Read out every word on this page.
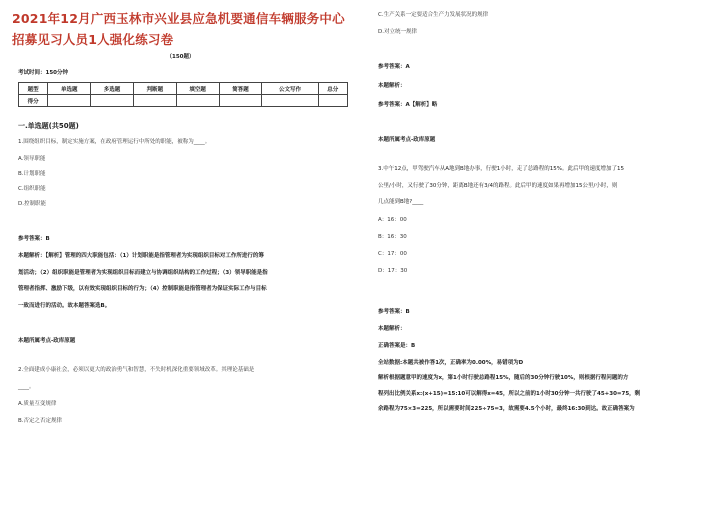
2021年12月广西玉林市兴业县应急机要通信车辆服务中心招募见习人员1人强化练习卷
（150题）
考试时间：150分钟
题型	单选题	多选题	判断题	填空题	简答题	公文写作	总分
得分							
一.单选题(共50题)
1.围绕组织目标，制定实施方案，在政府管理运行中所处的职能，被称为____。
A.领导职能
B.计划职能
C.组织职能
D.控制职能
参考答案：B
本题解析：【解析】管理的四大职能包括：（1）计划职能是指管理者为实现组织目标对工作所进行的筹
划活动；（2）组织职能是管理者为实现组织目标而建立与协调组织结构的工作过程；（3）领导职能是指
管理者指挥、激励下级，以有效实现组织目标的行为；（4）控制职能是指管理者为保证实际工作与目标
一致而进行的活动。故本题答案选B。
本题所属考点-政库原题
2.全面建成小康社会，必须以更大的政治勇气和智慧，不失时机深化重要领域改革。其理论基础是
____。
A.质量互变规律
B.否定之否定规律
C.生产关系一定要适合生产力发展状况的规律
D.对立统一规律
参考答案：A
本题解析：
参考答案：A【解析】略
本题所属考点-政库原题
3.中午12点，甲驾驶汽车从A地到B地办事，行驶1小时，走了总路程的15%。此后甲的速度增加了15
公里/小时，又行驶了30分钟，距离B地还有3/4的路程。此后甲的速度如果再增加15公里/小时，则
几点能到B地?____
A：16：00
B：16：30
C：17：00
D：17：30
参考答案：B
本题解析：
正确答案是：B
全站数据:本题共被作答1次，正确率为0.00%，易错项为D
解析根据题意甲的速度为x，第1小时行驶总路程15%，随后的30分钟行驶10%，则根据行程问题的方
程列出比例关系x:(x+15)=15:10可以解得x=45，所以之前的1小时30分钟一共行驶了45+30=75，剩
余路程为75×3=225，所以需要时间225÷75=3，故需要4.5个小时，最终16:30到达。故正确答案为
